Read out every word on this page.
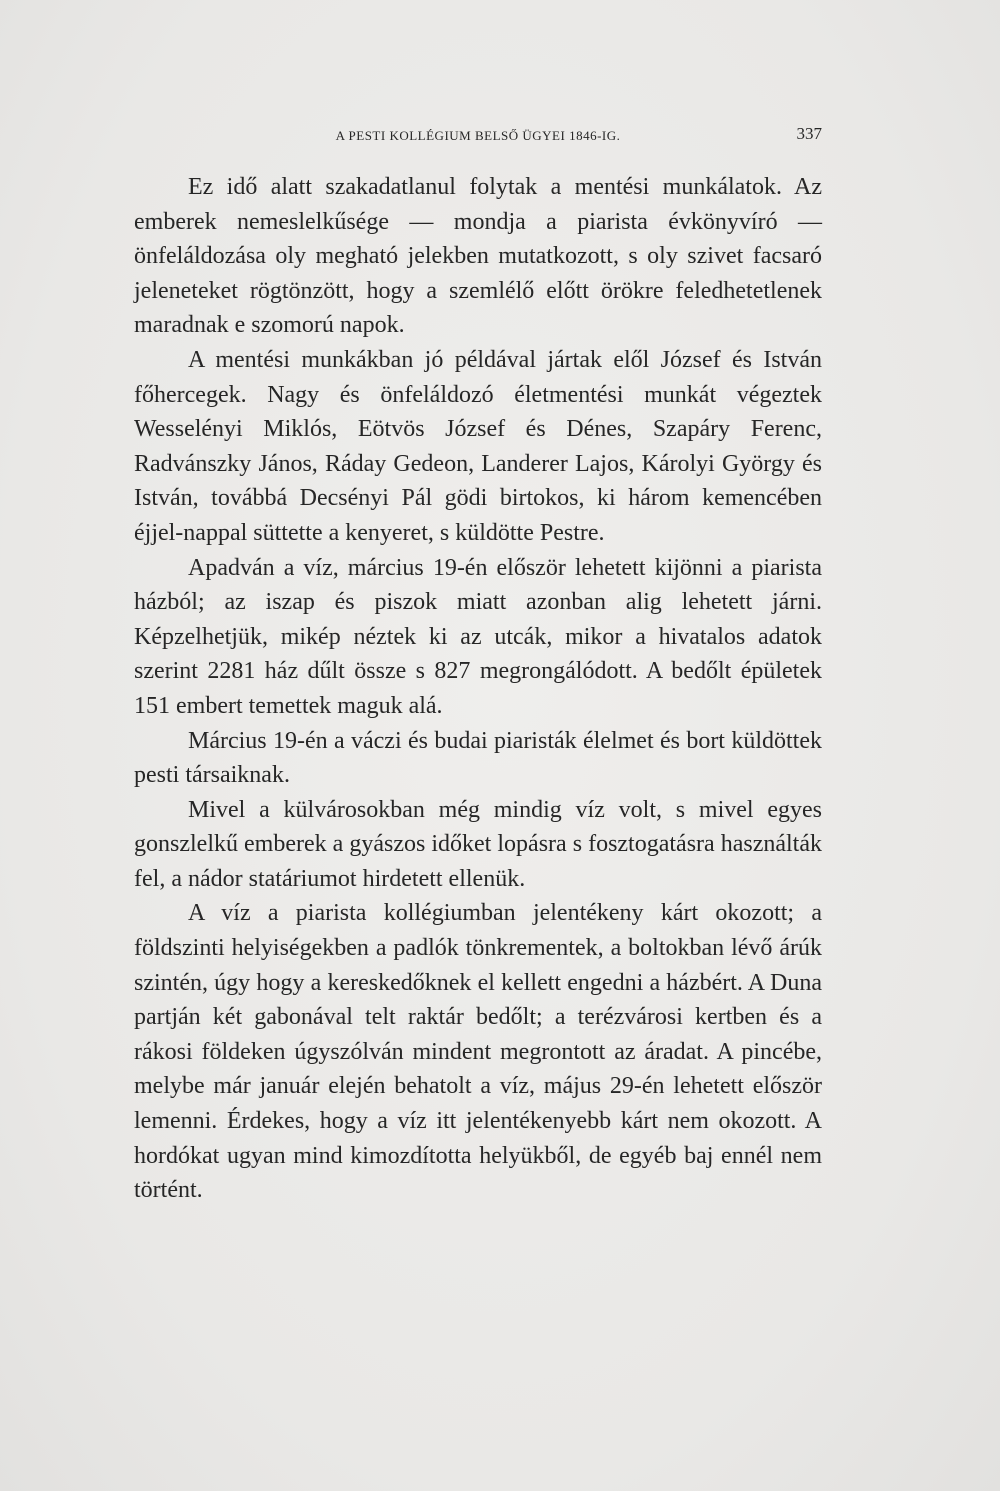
A PESTI KOLLÉGIUM BELSŐ ÜGYEI 1846-IG.	337

Ez idő alatt szakadatlanul folytak a mentési munkálatok. Az emberek nemeslelkűsége — mondja a piarista évkönyvíró — önfeláldozása oly megható jelekben mutatkozott, s oly szivet facsaró jeleneteket rögtönzött, hogy a szemlélő előtt örökre feledhetetlenek maradnak e szomorú napok.

A mentési munkákban jó példával jártak elől József és István főhercegek. Nagy és önfeláldozó életmentési munkát végeztek Wesselényi Miklós, Eötvös József és Dénes, Szapáry Ferenc, Radvánszky János, Ráday Gedeon, Landerer Lajos, Károlyi György és István, továbbá Decsényi Pál gödi birtokos, ki három kemencében éjjel-nappal süttette a kenyeret, s küldötte Pestre.

Apadván a víz, március 19-én először lehetett kijönni a piarista házból; az iszap és piszok miatt azonban alig lehetett járni. Képzelhetjük, mikép néztek ki az utcák, mikor a hivatalos adatok szerint 2281 ház dűlt össze s 827 megrongálódott. A bedőlt épületek 151 embert temettek maguk alá.

Március 19-én a váczi és budai piaristák élelmet és bort küldöttek pesti társaiknak.

Mivel a külvárosokban még mindig víz volt, s mivel egyes gonszlelkű emberek a gyászos időket lopásra s fosztogatásra használták fel, a nádor statáriumot hirdetett ellenük.

A víz a piarista kollégiumban jelentékeny kárt okozott; a földszinti helyiségekben a padlók tönkrementek, a boltokban lévő árúk szintén, úgy hogy a kereskedőknek el kellett engedni a házbért. A Duna partján két gabonával telt raktár bedőlt; a terézvárosi kertben és a rákosi földeken úgyszólván mindent megrontott az áradat. A pincébe, melybe már január elején behatolt a víz, május 29-én lehetett először lemenni. Érdekes, hogy a víz itt jelentékenyebb kárt nem okozott. A hordókat ugyan mind kimozdította helyükből, de egyéb baj ennél nem történt.
